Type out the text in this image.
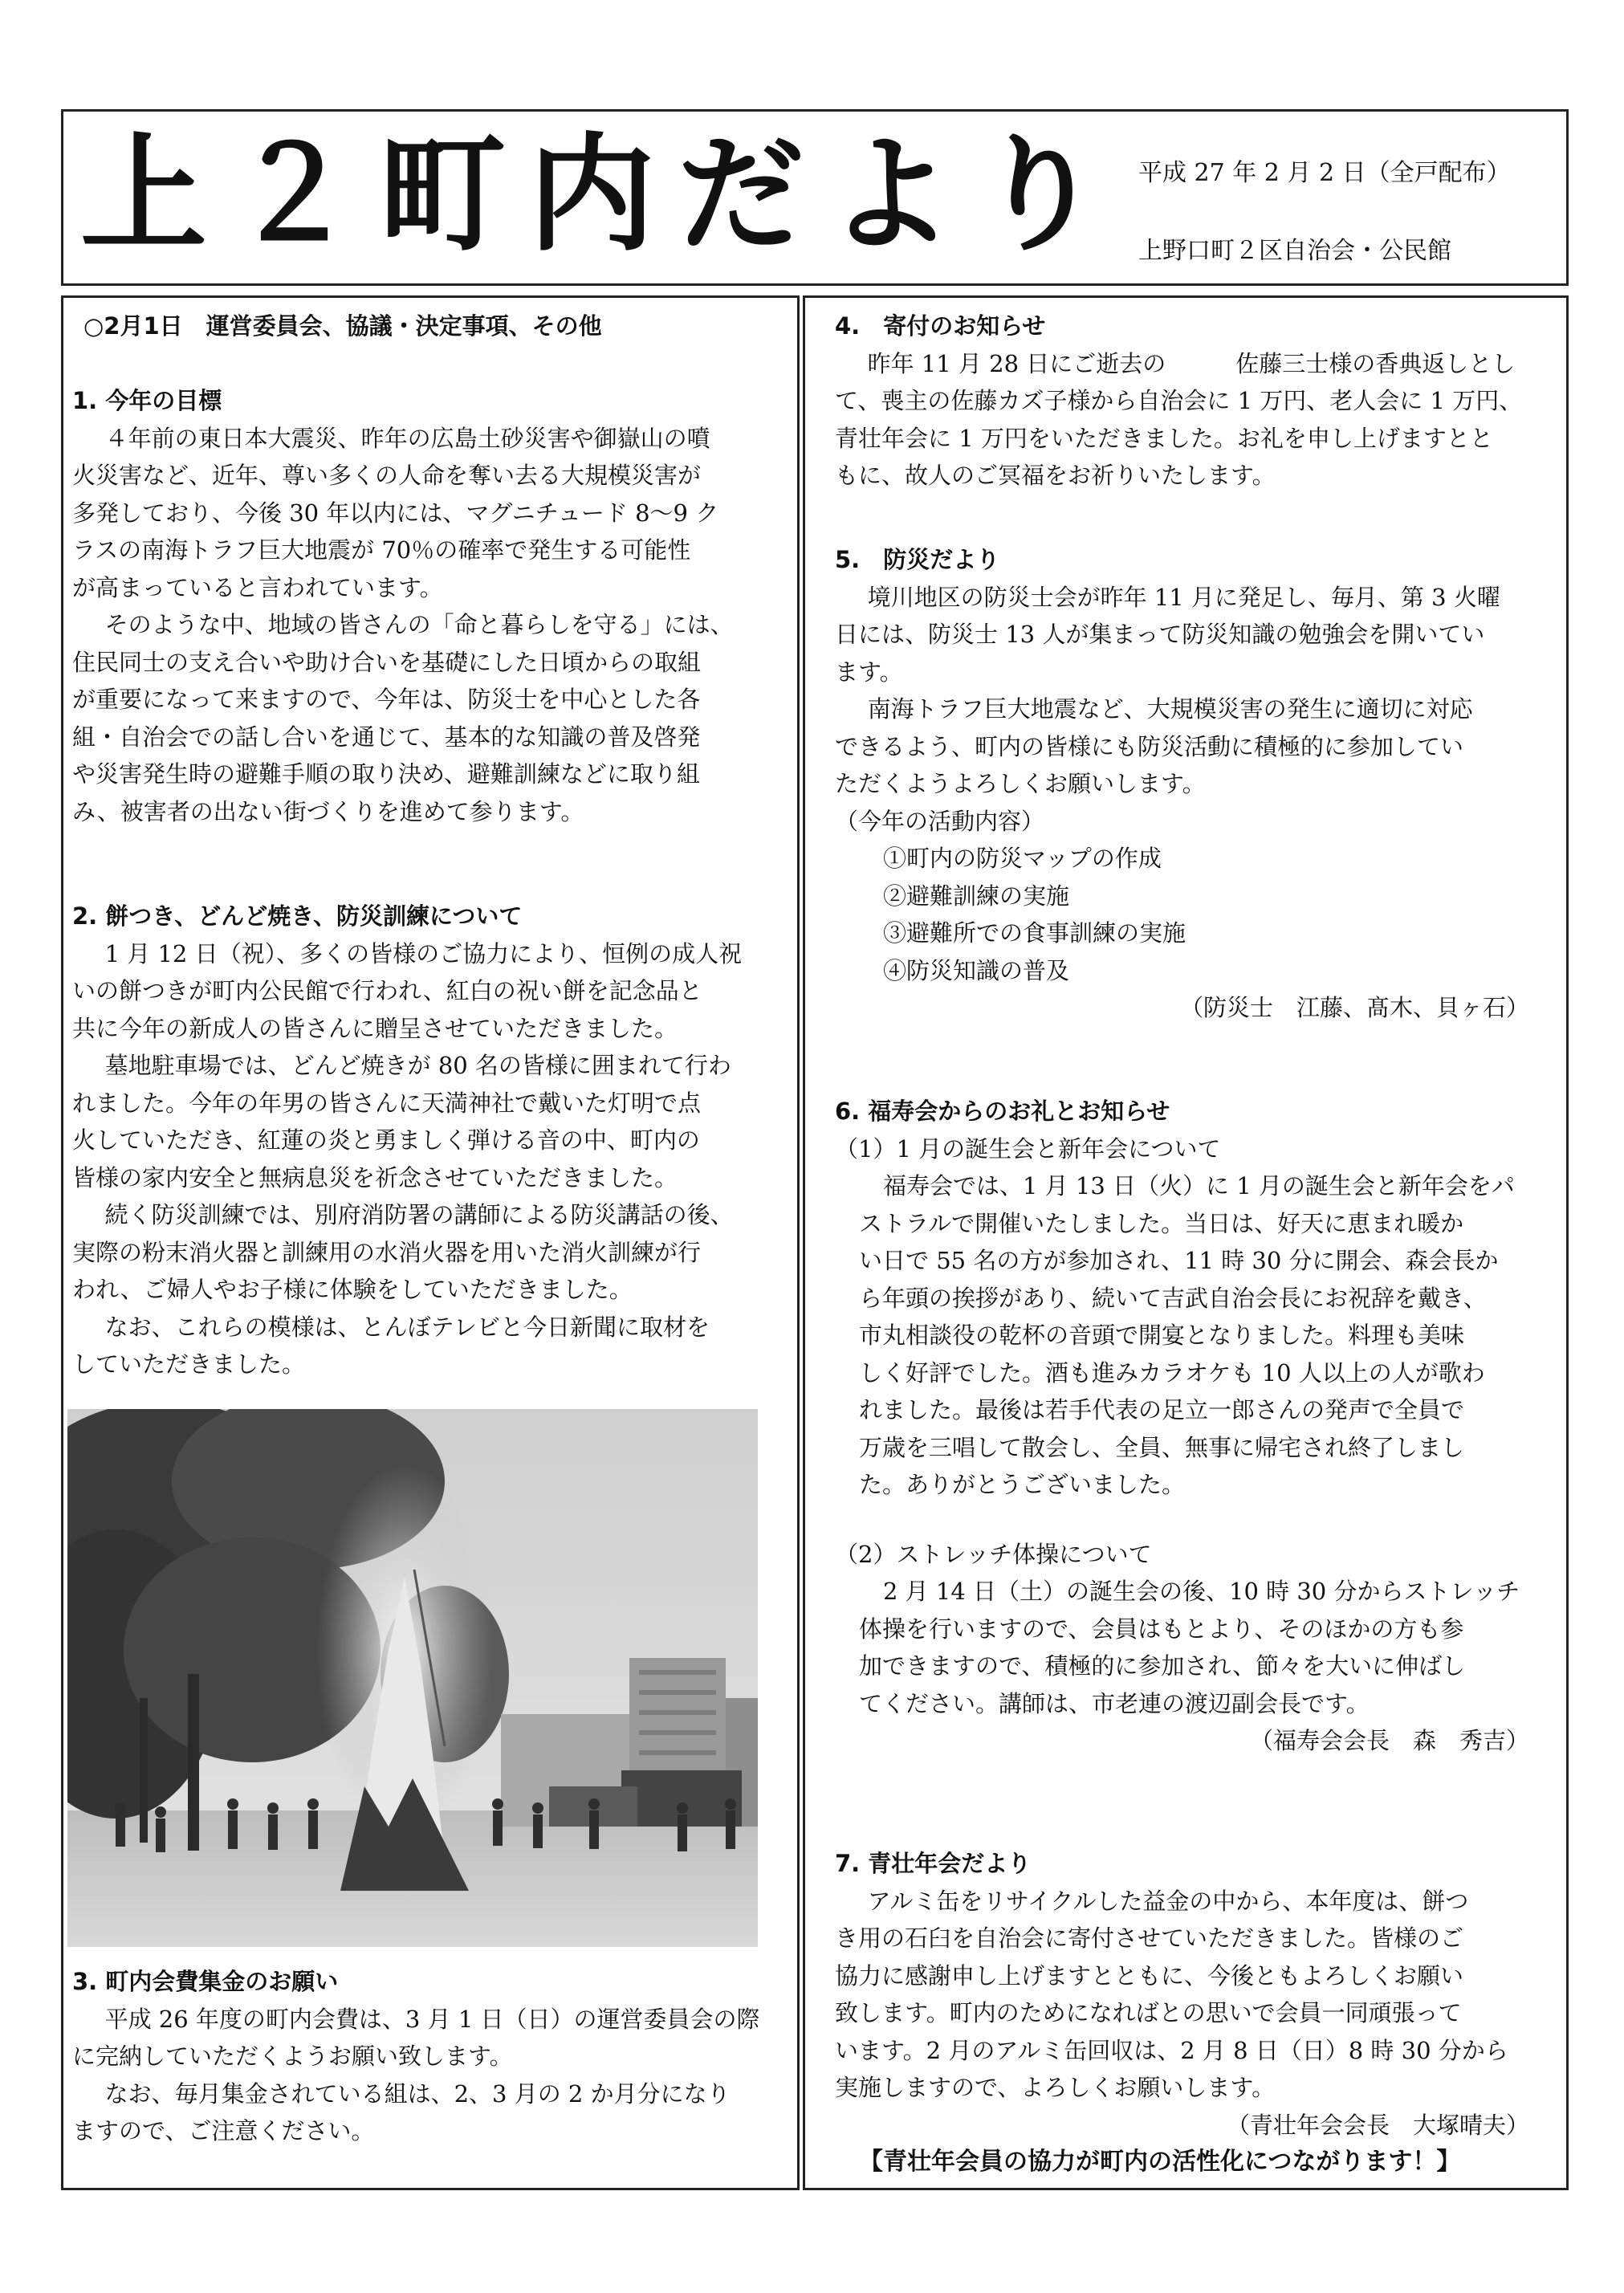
上２町内だより 平成 27 年 2 月 2 日（全戸配布）
上野口町２区自治会・公民館

○2月1日　運営委員会、協議・決定事項、その他

1. 今年の目標

４年前の東日本大震災、昨年の広島土砂災害や御嶽山の噴

火災害など、近年、尊い多くの人命を奪い去る大規模災害が

多発しており、今後 30 年以内には、マグニチュード 8～9 ク

ラスの南海トラフ巨大地震が 70％の確率で発生する可能性

が高まっていると言われています。

そのような中、地域の皆さんの「命と暮らしを守る」には、

住民同士の支え合いや助け合いを基礎にした日頃からの取組

が重要になって来ますので、今年は、防災士を中心とした各

組・自治会での話し合いを通じて、基本的な知識の普及啓発

や災害発生時の避難手順の取り決め、避難訓練などに取り組

み、被害者の出ない街づくりを進めて参ります。

2. 餅つき、どんど焼き、防災訓練について

1 月 12 日（祝）、多くの皆様のご協力により、恒例の成人祝

いの餅つきが町内公民館で行われ、紅白の祝い餅を記念品と

共に今年の新成人の皆さんに贈呈させていただきました。

墓地駐車場では、どんど焼きが 80 名の皆様に囲まれて行わ

れました。今年の年男の皆さんに天満神社で戴いた灯明で点

火していただき、紅蓮の炎と勇ましく弾ける音の中、町内の

皆様の家内安全と無病息災を祈念させていただきました。

続く防災訓練では、別府消防署の講師による防災講話の後、

実際の粉末消火器と訓練用の水消火器を用いた消火訓練が行

われ、ご婦人やお子様に体験をしていただきました。

なお、これらの模様は、とんぼテレビと今日新聞に取材を

していただきました。

3. 町内会費集金のお願い

平成 26 年度の町内会費は、3 月 1 日（日）の運営委員会の際

に完納していただくようお願い致します。

なお、毎月集金されている組は、2、3 月の 2 か月分になり

ますので、ご注意ください。

4.　寄付のお知らせ

昨年 11 月 28 日にご逝去の　　　佐藤三士様の香典返しとし

て、喪主の佐藤カズ子様から自治会に 1 万円、老人会に 1 万円、

青壮年会に 1 万円をいただきました。お礼を申し上げますとと

もに、故人のご冥福をお祈りいたします。

5.　防災だより

境川地区の防災士会が昨年 11 月に発足し、毎月、第 3 火曜

日には、防災士 13 人が集まって防災知識の勉強会を開いてい

ます。

南海トラフ巨大地震など、大規模災害の発生に適切に対応

できるよう、町内の皆様にも防災活動に積極的に参加してい

ただくようよろしくお願いします。

（今年の活動内容）

①町内の防災マップの作成

②避難訓練の実施

③避難所での食事訓練の実施

④防災知識の普及

（防災士　江藤、髙木、貝ヶ石）

6. 福寿会からのお礼とお知らせ

（1）1 月の誕生会と新年会について

福寿会では、1 月 13 日（火）に 1 月の誕生会と新年会をパ

ストラルで開催いたしました。当日は、好天に恵まれ暖か

い日で 55 名の方が参加され、11 時 30 分に開会、森会長か

ら年頭の挨拶があり、続いて吉武自治会長にお祝辞を戴き、

市丸相談役の乾杯の音頭で開宴となりました。料理も美味

しく好評でした。酒も進みカラオケも 10 人以上の人が歌わ

れました。最後は若手代表の足立一郎さんの発声で全員で

万歳を三唱して散会し、全員、無事に帰宅され終了しまし

た。ありがとうございました。

（2）ストレッチ体操について

2 月 14 日（土）の誕生会の後、10 時 30 分からストレッチ

体操を行いますので、会員はもとより、そのほかの方も参

加できますので、積極的に参加され、節々を大いに伸ばし

てください。講師は、市老連の渡辺副会長です。

（福寿会会長　森　秀吉）

7. 青壮年会だより

アルミ缶をリサイクルした益金の中から、本年度は、餅つ

き用の石臼を自治会に寄付させていただきました。皆様のご

協力に感謝申し上げますとともに、今後ともよろしくお願い

致します。町内のためになればとの思いで会員一同頑張って

います。2 月のアルミ缶回収は、2 月 8 日（日）8 時 30 分から

実施しますので、よろしくお願いします。

（青壮年会会長　大塚晴夫）

【青壮年会員の協力が町内の活性化につながります！】
